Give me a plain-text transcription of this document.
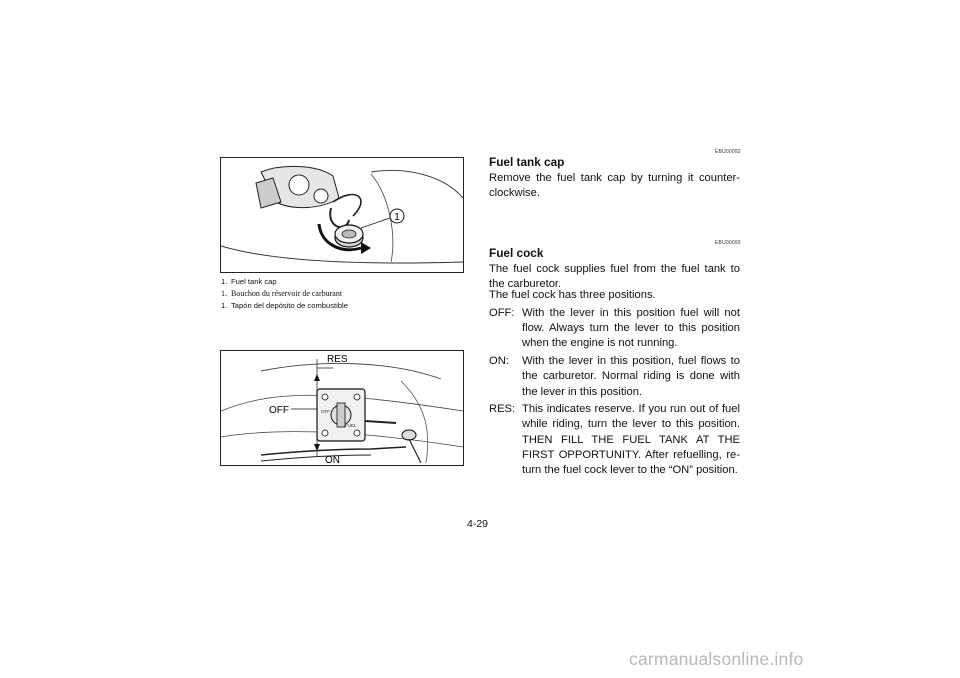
1
1. Fuel tank cap
1. Bouchon du réservoir de carburant
1. Tapón del depósito de combustible
OFF
FUEL
RES
OFF
ON
EBU00092
Fuel tank cap
Remove the fuel tank cap by turning it counter-clockwise.
EBU00093
Fuel cock
The fuel cock supplies fuel from the fuel tank to the carburetor.
The fuel cock has three positions.
OFF: With the lever in this position fuel will not flow. Always turn the lever to this position when the engine is not running.
ON:	With the lever in this position, fuel flows to the carburetor. Normal riding is done with the lever in this position.
RES: This indicates reserve. If you run out of fuel while riding, turn the lever to this position. THEN FILL THE FUEL TANK AT THE FIRST OPPORTUNITY. After refuelling, re-turn the fuel cock lever to the “ON” position.
4-29
carmanualsonline.info
